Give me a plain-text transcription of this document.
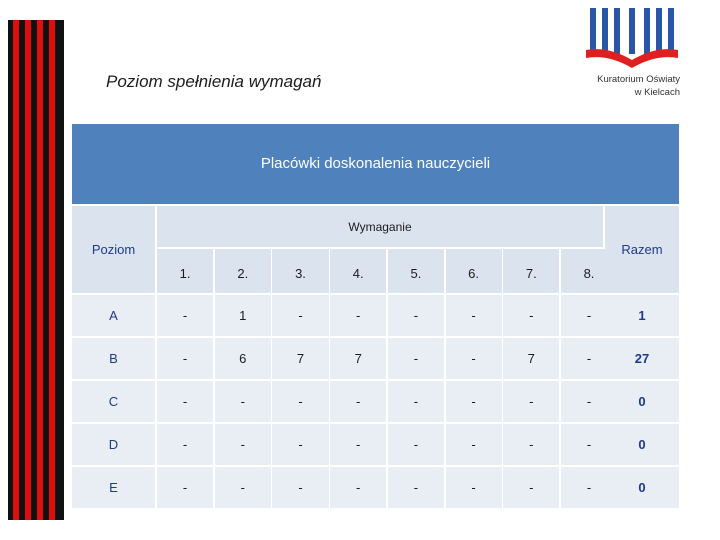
Poziom spełnienia wymagań	Kuratorium Oświaty
w Kielcach
Placówki doskonalenia nauczycieli
Poziom
Wymaganie
Razem
1.	2.	3.	4.	5.	6.	7.	8.
A	-	1	-	-	-	-	-	-	1
B	-	6	7	7	-	-	7	-	27
C	-	-	-	-	-	-	-	-	0
D	-	-	-	-	-	-	-	-	0
E	-	-	-	-	-	-	-	-	0
